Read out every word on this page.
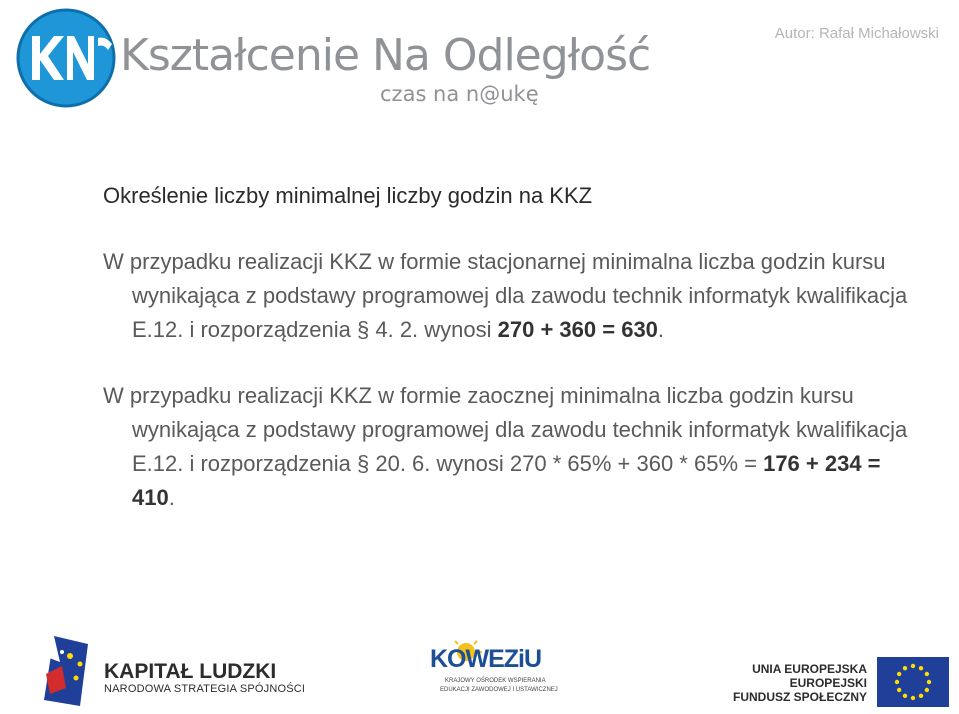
Kształcenie Na Odległość
czas na n@ukę
Autor: Rafał Michałowski

Określenie liczby minimalnej liczby godzin na KKZ

W przypadku realizacji KKZ w formie stacjonarnej minimalna liczba godzin kursu wynikająca z podstawy programowej dla zawodu technik informatyk kwalifikacja E.12. i rozporządzenia § 4. 2. wynosi 270 + 360 = 630.

W przypadku realizacji KKZ w formie zaocznej minimalna liczba godzin kursu wynikająca z podstawy programowej dla zawodu technik informatyk kwalifikacja E.12. i rozporządzenia § 20. 6. wynosi 270 * 65% + 360 * 65% = 176 + 234 = 410.

KAPITAŁ LUDZKI
NARODOWA STRATEGIA SPÓJNOŚCI
KOWEZiU
KRAJOWY OŚRODEK WSPIERANIA
EDUKACJI ZAWODOWEJ I USTAWICZNEJ
UNIA EUROPEJSKA
EUROPEJSKI
FUNDUSZ SPOŁECZNY
